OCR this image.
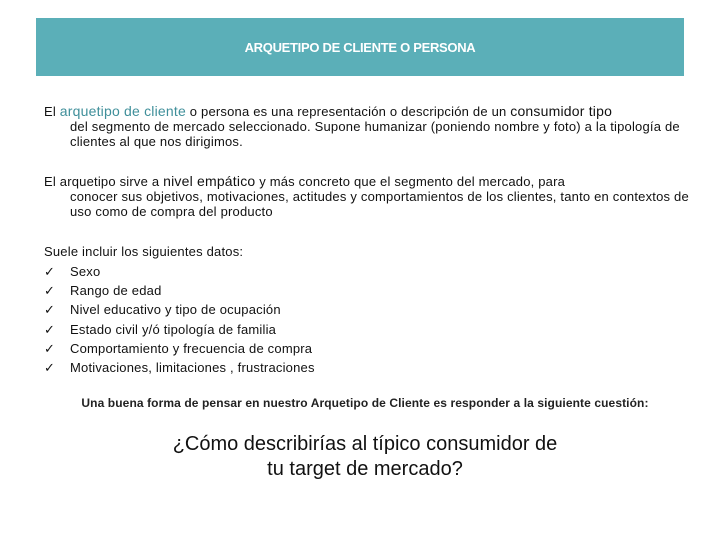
ARQUETIPO DE CLIENTE O PERSONA
El arquetipo de cliente o persona es una representación o descripción de un consumidor tipo
del segmento de mercado seleccionado. Supone humanizar (poniendo nombre y foto) a la tipología de clientes al que nos dirigimos.
El arquetipo sirve a nivel empático y más concreto que el segmento del mercado, para
conocer sus objetivos, motivaciones, actitudes y comportamientos de los clientes, tanto en contextos de uso como de compra del producto
Suele incluir los siguientes datos:
✓	Sexo
✓	Rango de edad
✓	Nivel educativo y tipo de ocupación
✓	Estado civil y/ó tipología de familia
✓	Comportamiento y frecuencia de compra
✓	Motivaciones, limitaciones , frustraciones
Una buena forma de pensar en nuestro Arquetipo de Cliente es responder a la siguiente cuestión:
¿Cómo describirías al típico consumidor de
tu target de mercado?
